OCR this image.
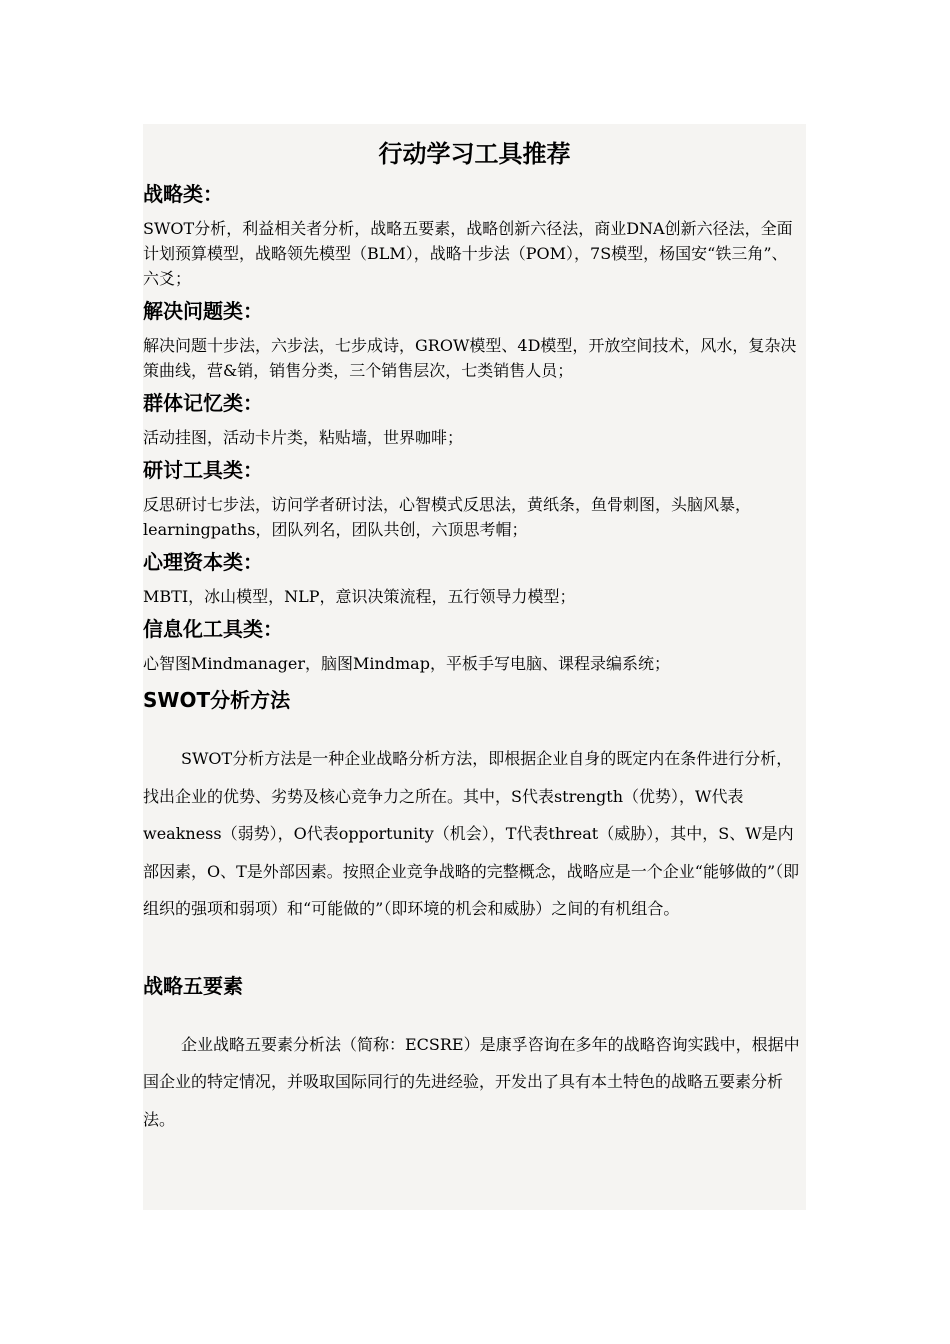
行动学习工具推荐
战略类：

SWOT分析，利益相关者分析，战略五要素，战略创新六径法，商业DNA创新六径法，全面计划预算模型，战略领先模型（BLM），战略十步法（POM），7S模型，杨国安“铁三角”、六爻；

解决问题类：

解决问题十步法，六步法，七步成诗，GROW模型、4D模型，开放空间技术，风水，复杂决策曲线，营&销，销售分类，三个销售层次，七类销售人员；

群体记忆类：

活动挂图，活动卡片类，粘贴墙，世界咖啡；

研讨工具类：

反思研讨七步法，访问学者研讨法，心智模式反思法，黄纸条，鱼骨刺图，头脑风暴，learningpaths，团队列名，团队共创，六顶思考帽；

心理资本类：

MBTI，冰山模型，NLP，意识决策流程，五行领导力模型；

信息化工具类：

心智图Mindmanager，脑图Mindmap，平板手写电脑、课程录编系统；

SWOT分析方法

SWOT分析方法是一种企业战略分析方法，即根据企业自身的既定内在条件进行分析，找出企业的优势、劣势及核心竞争力之所在。其中，S代表strength（优势），W代表weakness（弱势），O代表opportunity（机会），T代表threat（威胁），其中，S、W是内部因素，O、T是外部因素。按照企业竞争战略的完整概念，战略应是一个企业“能够做的”（即组织的强项和弱项）和“可能做的”（即环境的机会和威胁）之间的有机组合。

战略五要素

企业战略五要素分析法（简称：ECSRE）是康孚咨询在多年的战略咨询实践中，根据中国企业的特定情况，并吸取国际同行的先进经验，开发出了具有本土特色的战略五要素分析法。
